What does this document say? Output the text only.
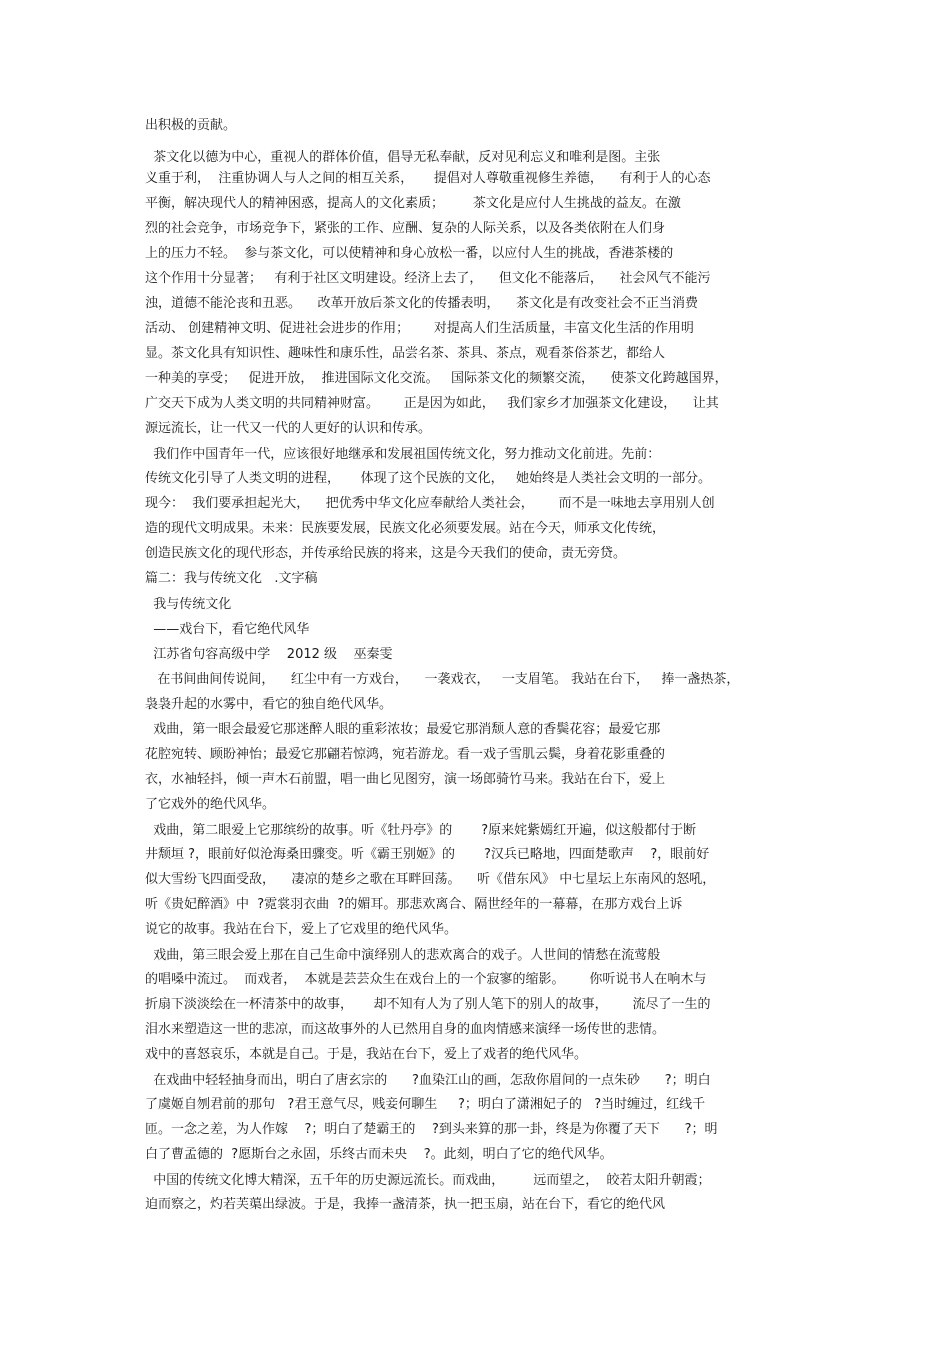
出积极的贡献。
茶文化以德为中心，重视人的群体价值，倡导无私奉献，反对见利忘义和唯利是图。主张
义重于利，  注重协调人与人之间的相互关系，     提倡对人尊敬重视修生养德，    有利于人的心态
平衡，解决现代人的精神困惑，提高人的文化素质；       茶文化是应付人生挑战的益友。在激
烈的社会竞争，市场竞争下，紧张的工作、应酬、复杂的人际关系，以及各类依附在人们身
上的压力不轻。  参与茶文化，可以使精神和身心放松一番，以应付人生的挑战，香港茶楼的
这个作用十分显著；   有利于社区文明建设。经济上去了，    但文化不能落后，    社会风气不能污
浊，道德不能沦丧和丑恶。    改革开放后茶文化的传播表明，    茶文化是有改变社会不正当消费
活动、 创建精神文明、促进社会进步的作用；      对提高人们生活质量，丰富文化生活的作用明
显。茶文化具有知识性、趣味性和康乐性，品尝名茶、茶具、茶点，观看茶俗茶艺，都给人
一种美的享受；   促进开放，  推进国际文化交流。   国际茶文化的频繁交流，    使茶文化跨越国界，
广交天下成为人类文明的共同精神财富。      正是因为如此，   我们家乡才加强茶文化建设，    让其
源远流长，让一代又一代的人更好的认识和传承。
我们作中国青年一代，应该很好地继承和发展祖国传统文化，努力推动文化前进。先前：
传统文化引导了人类文明的进程，     体现了这个民族的文化，   她始终是人类社会文明的一部分。
现今：  我们要承担起光大，    把优秀中华文化应奉献给人类社会，      而不是一味地去享用别人创
造的现代文明成果。未来：民族要发展，民族文化必须要发展。站在今天，师承文化传统，
创造民族文化的现代形态，并传承给民族的将来，这是今天我们的使命，责无旁贷。
篇二：我与传统文化   .文字稿
我与传统文化
——戏台下，看它绝代风华
江苏省句容高级中学    2012 级    巫秦雯
在书间曲间传说间，    红尘中有一方戏台，    一袭戏衣，   一支眉笔。 我站在台下，   捧一盏热茶，
袅袅升起的水雾中，看它的独自绝代风华。
戏曲，第一眼会最爱它那迷醉人眼的重彩浓妆；最爱它那消颓人意的香鬓花容；最爱它那
花腔宛转、顾盼神怡；最爱它那翩若惊鸿，宛若游龙。看一戏子雪肌云鬓，身着花影重叠的
衣，水袖轻抖，倾一声木石前盟，唱一曲匕见图穷，演一场郎骑竹马来。我站在台下，爱上
了它戏外的绝代风华。
戏曲，第二眼爱上它那缤纷的故事。听《牡丹亭》的       ?原来姹紫嫣红开遍，似这般都付于断
井颓垣 ?，眼前好似沧海桑田骤变。听《霸王别姬》的       ?汉兵已略地，四面楚歌声    ?，眼前好
似大雪纷飞四面受敌，    凄凉的楚乡之歌在耳畔回荡。    听《借东风》 中七星坛上东南风的怒吼，
听《贵妃醉酒》中  ?霓裳羽衣曲  ?的媚耳。那悲欢离合、隔世经年的一幕幕，在那方戏台上诉
说它的故事。我站在台下，爱上了它戏里的绝代风华。
戏曲，第三眼会爱上那在自己生命中演绎别人的悲欢离合的戏子。人世间的情愁在流莺般
的唱嗓中流过。  而戏者，  本就是芸芸众生在戏台上的一个寂寥的缩影。      你听说书人在响木与
折扇下淡淡绘在一杯清茶中的故事，     却不知有人为了别人笔下的别人的故事，      流尽了一生的
泪水来塑造这一世的悲凉，而这故事外的人已然用自身的血肉情感来演绎一场传世的悲情。
戏中的喜怒哀乐，本就是自己。于是，我站在台下，爱上了戏者的绝代风华。
在戏曲中轻轻抽身而出，明白了唐玄宗的      ?血染江山的画，怎敌你眉间的一点朱砂      ?；明白
了虞姬自刎君前的那句   ?君王意气尽，贱妾何聊生     ?；明白了潇湘妃子的   ?当时缠过，红线千
匝。一念之差，为人作嫁    ?；明白了楚霸王的    ?到头来算的那一卦，终是为你覆了天下      ?；明
白了曹孟德的  ?愿斯台之永固，乐终古而未央    ?。此刻，明白了它的绝代风华。
中国的传统文化博大精深，五千年的历史源远流长。而戏曲，       远而望之，  皎若太阳升朝霞；
迫而察之，灼若芙蕖出绿波。于是，我捧一盏清茶，执一把玉扇，站在台下，看它的绝代风
